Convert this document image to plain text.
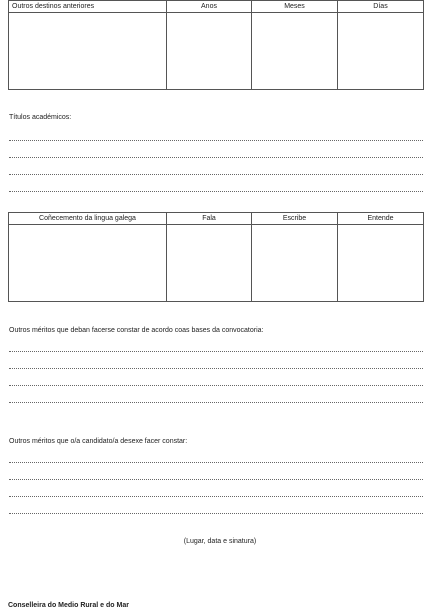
Outros destinos anteriores	Anos	Meses	Días

Títulos académicos:
Coñecemento da lingua galega	Fala	Escribe	Entende

Outros méritos que deban facerse constar de acordo coas bases da convocatoria:
Outros méritos que o/a candidato/a desexe facer constar:
(Lugar, data e sinatura)
Conselleira do Medio Rural e do Mar
